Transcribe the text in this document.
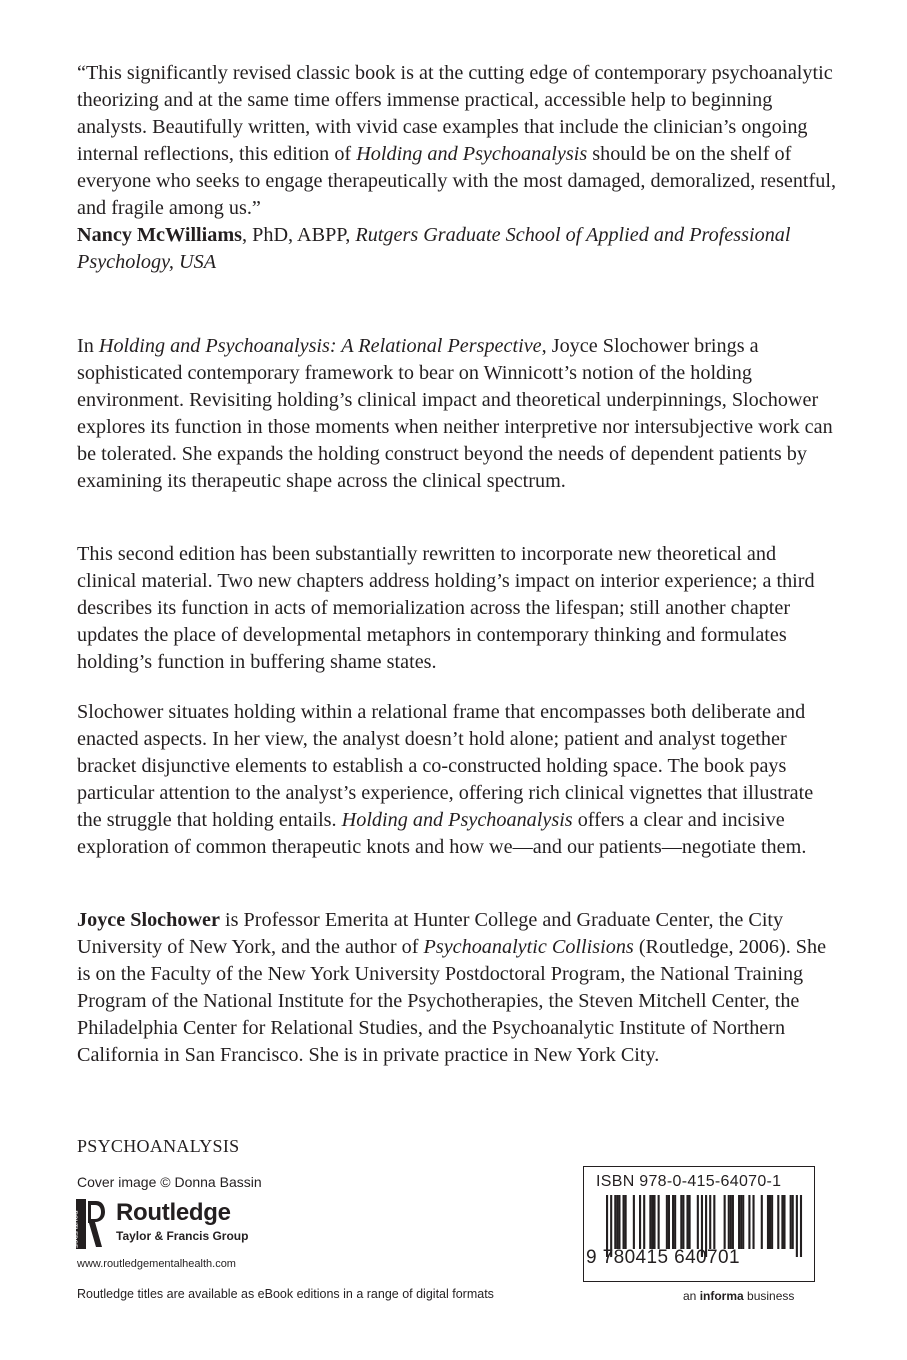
“This significantly revised classic book is at the cutting edge of contemporary psychoanalytic theorizing and at the same time offers immense practical, accessible help to beginning analysts. Beautifully written, with vivid case examples that include the clinician’s ongoing internal reflections, this edition of Holding and Psychoanalysis should be on the shelf of everyone who seeks to engage therapeutically with the most damaged, demoralized, resentful, and fragile among us.”
Nancy McWilliams, PhD, ABPP, Rutgers Graduate School of Applied and Professional Psychology, USA

In Holding and Psychoanalysis: A Relational Perspective, Joyce Slochower brings a sophisticated contemporary framework to bear on Winnicott’s notion of the holding environment. Revisiting holding’s clinical impact and theoretical underpinnings, Slochower explores its function in those moments when neither interpretive nor intersubjective work can be tolerated. She expands the holding construct beyond the needs of dependent patients by examining its therapeutic shape across the clinical spectrum.

This second edition has been substantially rewritten to incorporate new theoretical and clinical material. Two new chapters address holding’s impact on interior experience; a third describes its function in acts of memorialization across the lifespan; still another chapter updates the place of developmental metaphors in contemporary thinking and formulates holding’s function in buffering shame states.

Slochower situates holding within a relational frame that encompasses both deliberate and enacted aspects. In her view, the analyst doesn’t hold alone; patient and analyst together bracket disjunctive elements to establish a co-constructed holding space. The book pays particular attention to the analyst’s experience, offering rich clinical vignettes that illustrate the struggle that holding entails. Holding and Psychoanalysis offers a clear and incisive exploration of common therapeutic knots and how we—and our patients—negotiate them.

Joyce Slochower is Professor Emerita at Hunter College and Graduate Center, the City University of New York, and the author of Psychoanalytic Collisions (Routledge, 2006). She is on the Faculty of the New York University Postdoctoral Program, the National Training Program of the National Institute for the Psychotherapies, the Steven Mitchell Center, the Philadelphia Center for Relational Studies, and the Psychoanalytic Institute of Northern California in San Francisco. She is in private practice in New York City.

PSYCHOANALYSIS
Cover image © Donna Bassin
ROUTLEDGE Routledge
Taylor & Francis Group
www.routledgementalhealth.com
Routledge titles are available as eBook editions in a range of digital formats
ISBN 978-0-415-64070-1
9 780415 640701
an informa business
